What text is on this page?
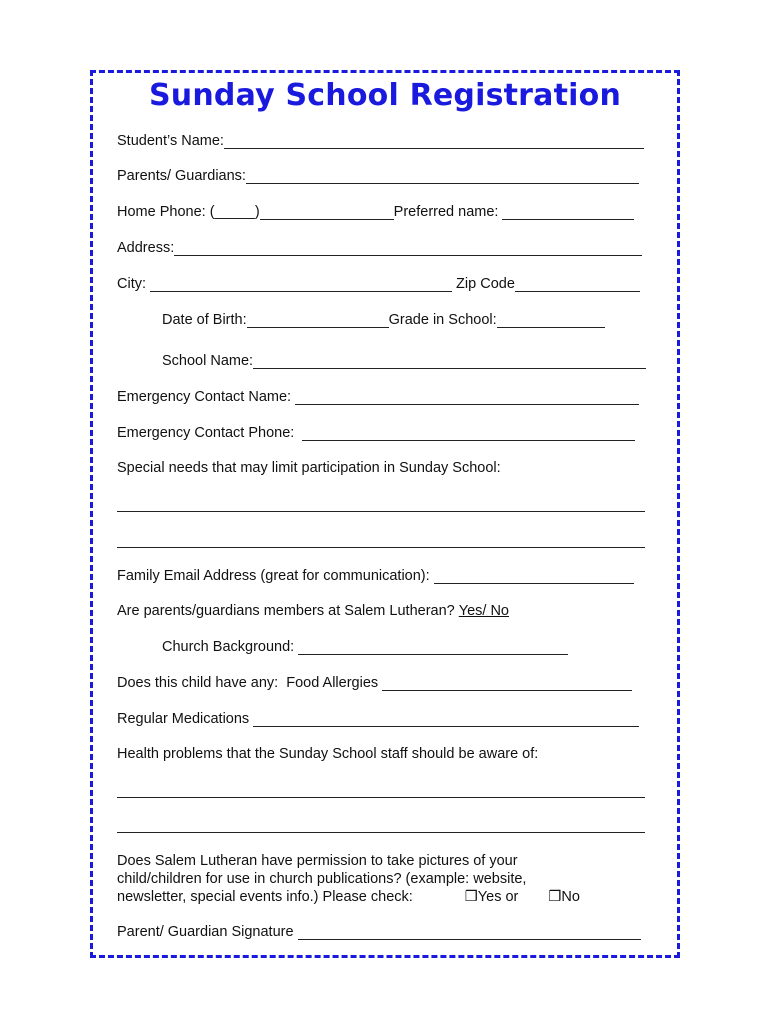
Sunday School Registration
Student’s Name:
Parents/ Guardians:
Home Phone: (_____)	Preferred name:
Address:
City:	Zip Code
Date of Birth:	Grade in School:
School Name:
Emergency Contact Name:
Emergency Contact Phone:
Special needs that may limit participation in Sunday School:
Family Email Address (great for communication):
Are parents/guardians members at Salem Lutheran? Yes/ No
Church Background:
Does this child have any:  Food Allergies
Regular Medications
Health problems that the Sunday School staff should be aware of:

Does Salem Lutheran have permission to take pictures of your

child/children for use in church publications? (example: website,

newsletter, special events info.) Please check:	❒Yes or ❒No

Parent/ Guardian Signature
